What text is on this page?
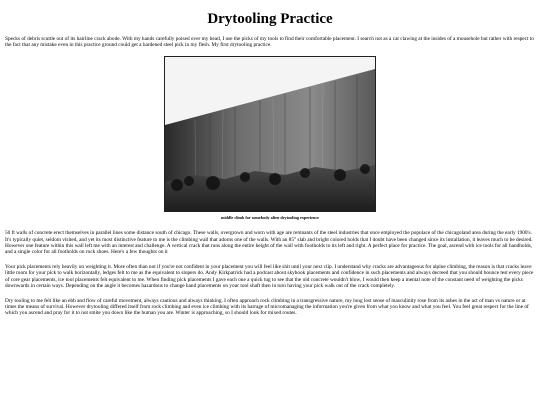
Drytooling Practice

Specks of debris scuttle out of its hairline crack abode. With my hands carefully poised over my head, I use the picks of my tools to find their comfortable placement. I search not as a cat clawing at the insides of a mousehole but rather with respect to the fact that any mistake even in this practice ground could get a hardened steel pick in my flesh. My first drytooling practice.

middle climb for somebody alien drytooling experience

50 ft walls of concrete erect themselves in parallel lines some distance south of chicago. These walls, overgrown and worn with age are remnants of the steel industries that once employed the populace of the chicagoland area during the early 1900's. It's typically quiet, seldom visited, and yet its most distinctive feature to me is the climbing wall that adorns one of the walls. With an 85° slab and bright colored holds that I doubt have been changed since its installation, it leaves much to be desired. However one feature within this wall left me with an interest and challenge. A vertical crack that runs along the entire height of the wall with footholds to its left and right. A perfect place for practice. The goal, ascend with ice tools for all handholds, and a single color for all footholds on rock shoes. Here's a few thoughts on it

Your pick placements rely heavily on weighting it. More often than not if you're not confident in your placement you will feel like shit until your next clip. I understand why cracks are advantageous for alpine climbing, the reason is that cracks leave little room for your pick to walk horizontally, ledges felt to me as the equivalent to slopers do. Andy Kirkpatrick had a podcast about skyhook placements and confidence in such placements and always decreed that you should bounce test every piece of core gear placements, ice tool placements felt equivalent to me. When finding pick placements I gave each one a quick tug to see that the old concrete wouldn't blow, I would then keep a mental note of the constant need of weighting the picks downwards in certain ways. Depending on the angle it becomes hazardous to change hand placements on your tool shaft then in turn having your pick walk out of the crack completely.

Dry tooling to me felt like an ebb and flow of careful movement, always cautious and always thinking. I often approach rock climbing in a transgressive nature, my long lost sense of masculinity rose from its ashes in the act of man vs nature or at times the means of survival. However drytooling differed itself from rock climbing and even ice climbing with its barrage of micromanaging the information you're given from what you know and what you feel. You feel great respect for the line of which you ascend and pray for it to not smite you down like the human you are. Winter is approaching, so I should look for mixed routes.
